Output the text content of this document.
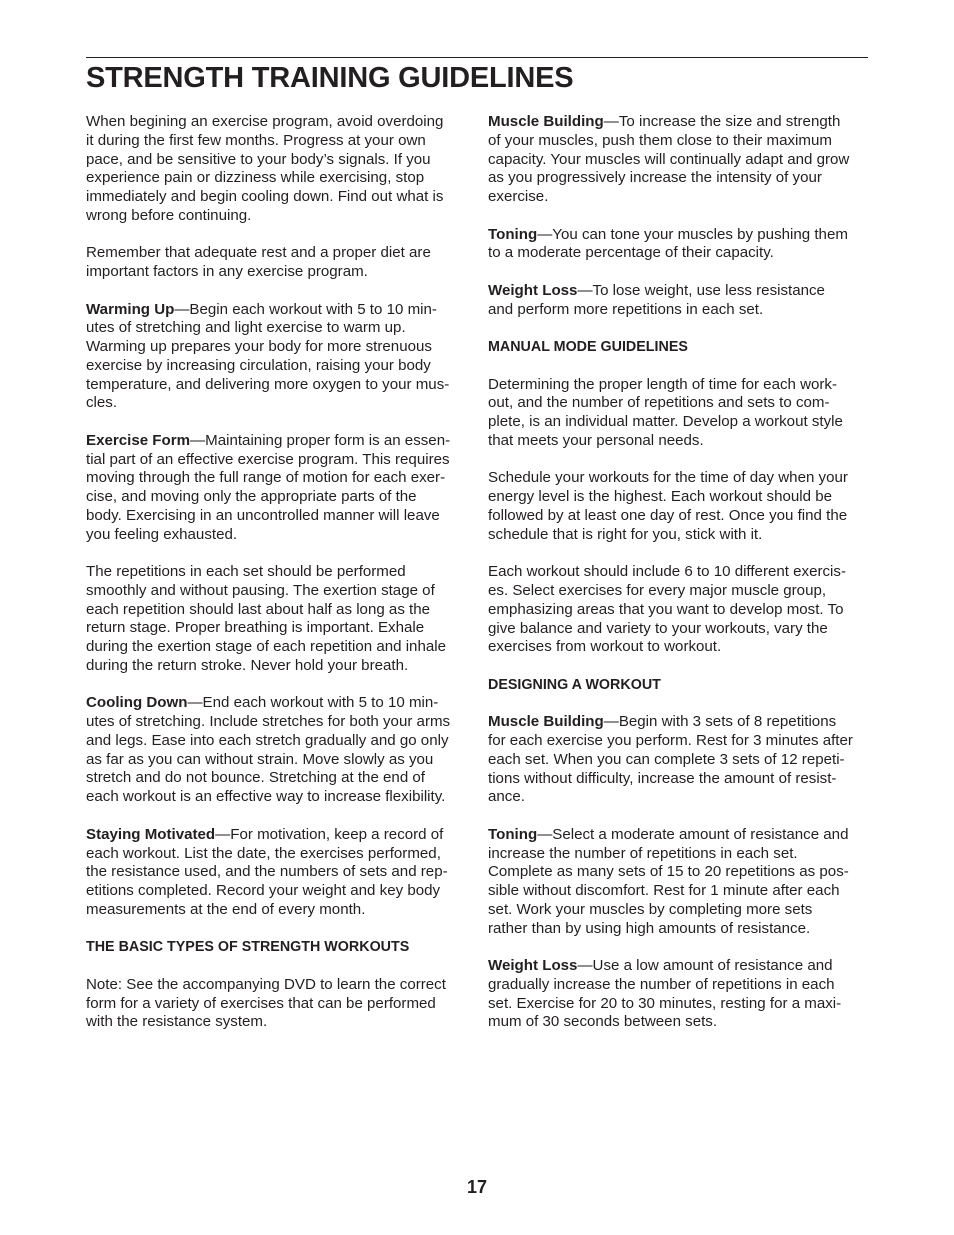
STRENGTH TRAINING GUIDELINES

When begining an exercise program, avoid overdoing
it during the first few months. Progress at your own
pace, and be sensitive to your body’s signals. If you
experience pain or dizziness while exercising, stop
immediately and begin cooling down. Find out what is
wrong before continuing.

Remember that adequate rest and a proper diet are
important factors in any exercise program.

Warming Up—Begin each workout with 5 to 10 min-
utes of stretching and light exercise to warm up.
Warming up prepares your body for more strenuous
exercise by increasing circulation, raising your body
temperature, and delivering more oxygen to your mus-
cles.

Exercise Form—Maintaining proper form is an essen-
tial part of an effective exercise program. This requires
moving through the full range of motion for each exer-
cise, and moving only the appropriate parts of the
body. Exercising in an uncontrolled manner will leave
you feeling exhausted.

The repetitions in each set should be performed
smoothly and without pausing. The exertion stage of
each repetition should last about half as long as the
return stage. Proper breathing is important. Exhale
during the exertion stage of each repetition and inhale
during the return stroke. Never hold your breath.

Cooling Down—End each workout with 5 to 10 min-
utes of stretching. Include stretches for both your arms
and legs. Ease into each stretch gradually and go only
as far as you can without strain. Move slowly as you
stretch and do not bounce. Stretching at the end of
each workout is an effective way to increase flexibility.

Staying Motivated—For motivation, keep a record of
each workout. List the date, the exercises performed,
the resistance used, and the numbers of sets and rep-
etitions completed. Record your weight and key body
measurements at the end of every month.

THE BASIC TYPES OF STRENGTH WORKOUTS

Note: See the accompanying DVD to learn the correct
form for a variety of exercises that can be performed
with the resistance system.

Muscle Building—To increase the size and strength
of your muscles, push them close to their maximum
capacity. Your muscles will continually adapt and grow
as you progressively increase the intensity of your
exercise.

Toning—You can tone your muscles by pushing them
to a moderate percentage of their capacity.

Weight Loss—To lose weight, use less resistance
and perform more repetitions in each set.

MANUAL MODE GUIDELINES

Determining the proper length of time for each work-
out, and the number of repetitions and sets to com-
plete, is an individual matter. Develop a workout style
that meets your personal needs.

Schedule your workouts for the time of day when your
energy level is the highest. Each workout should be
followed by at least one day of rest. Once you find the
schedule that is right for you, stick with it.

Each workout should include 6 to 10 different exercis-
es. Select exercises for every major muscle group,
emphasizing areas that you want to develop most. To
give balance and variety to your workouts, vary the
exercises from workout to workout.

DESIGNING A WORKOUT

Muscle Building—Begin with 3 sets of 8 repetitions
for each exercise you perform. Rest for 3 minutes after
each set. When you can complete 3 sets of 12 repeti-
tions without difficulty, increase the amount of resist-
ance.

Toning—Select a moderate amount of resistance and
increase the number of repetitions in each set.
Complete as many sets of 15 to 20 repetitions as pos-
sible without discomfort. Rest for 1 minute after each
set. Work your muscles by completing more sets
rather than by using high amounts of resistance.

Weight Loss—Use a low amount of resistance and
gradually increase the number of repetitions in each
set. Exercise for 20 to 30 minutes, resting for a maxi-
mum of 30 seconds between sets.

17
